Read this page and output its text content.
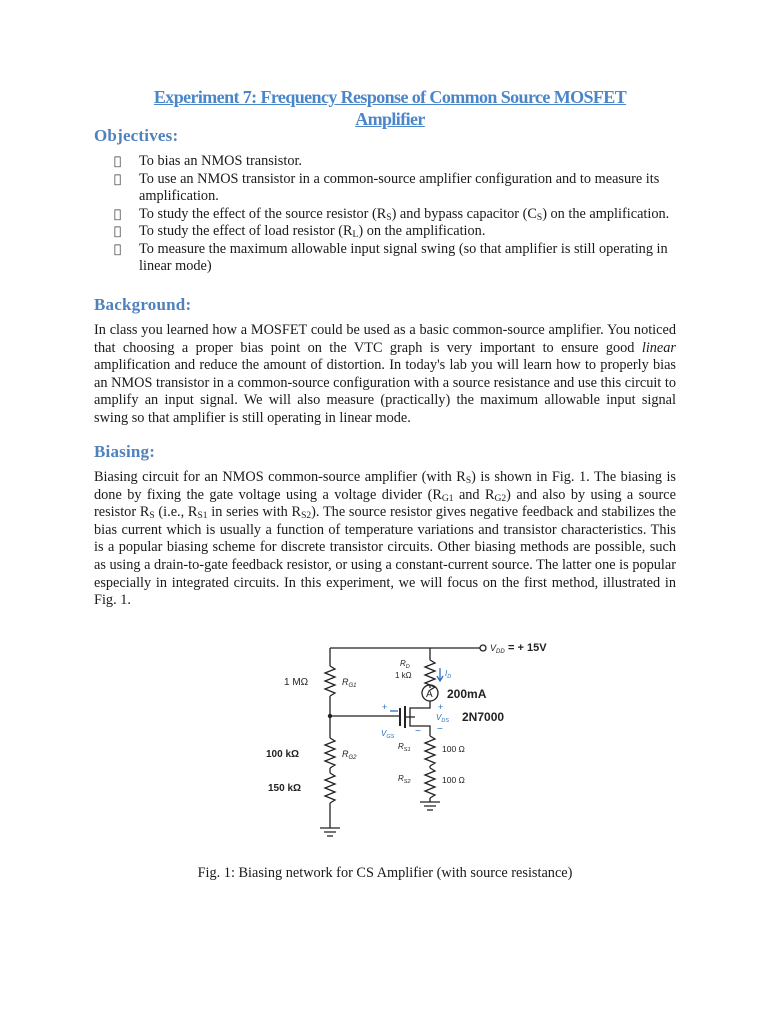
Experiment 7: Frequency Response of Common Source MOSFET
Amplifier
Objectives:
To bias an NMOS transistor.
To use an NMOS transistor in a common-source amplifier configuration and to measure its amplification.
To study the effect of the source resistor $(R_S)$ and bypass capacitor $(C_S)$ on the amplification.
To study the effect of load resistor $(R_L)$ on the amplification.
To measure the maximum allowable input signal swing (so that amplifier is still operating in linear mode)
Background:

In class you learned how a MOSFET could be used as a basic common-source amplifier. You noticed that choosing a proper bias point on the VTC graph is very important to ensure good linear amplification and reduce the amount of distortion. In today's lab you will learn how to properly bias an NMOS transistor in a common-source configuration with a source resistance and use this circuit to amplify an input signal. We will also measure (practically) the maximum allowable input signal swing so that amplifier is still operating in linear mode.

Biasing:

Biasing circuit for an NMOS common-source amplifier (with $R_S$) is shown in Fig. 1. The biasing is done by fixing the gate voltage using a voltage divider ($R_{G1}$ and $R_{G2}$) and also by using a source resistor $R_S$ (i.e., $R_{S1}$ in series with $R_{S2}$). The source resistor gives negative feedback and stabilizes the bias current which is usually a function of temperature variations and transistor characteristics. This is a popular biasing scheme for discrete transistor circuits. Other biasing methods are possible, such as using a drain-to-gate feedback resistor, or using a constant-current source. The latter one is popular especially in integrated circuits. In this experiment, we will focus on the first method, illustrated in Fig. 1.

$V_{DD}$ = + 15V
1 MΩ	$R_{G1}$
100 kΩ	$R_{G2}$
150 kΩ
$R_D$
1 kΩ	$I_D$
A 200mA
+
$V_{DS}$
−
2N7000
+
$V_{GS}$ −
$R_{S1}$	100 Ω
$R_{S2}$	100 Ω
Fig. 1: Biasing network for CS Amplifier (with source resistance)
